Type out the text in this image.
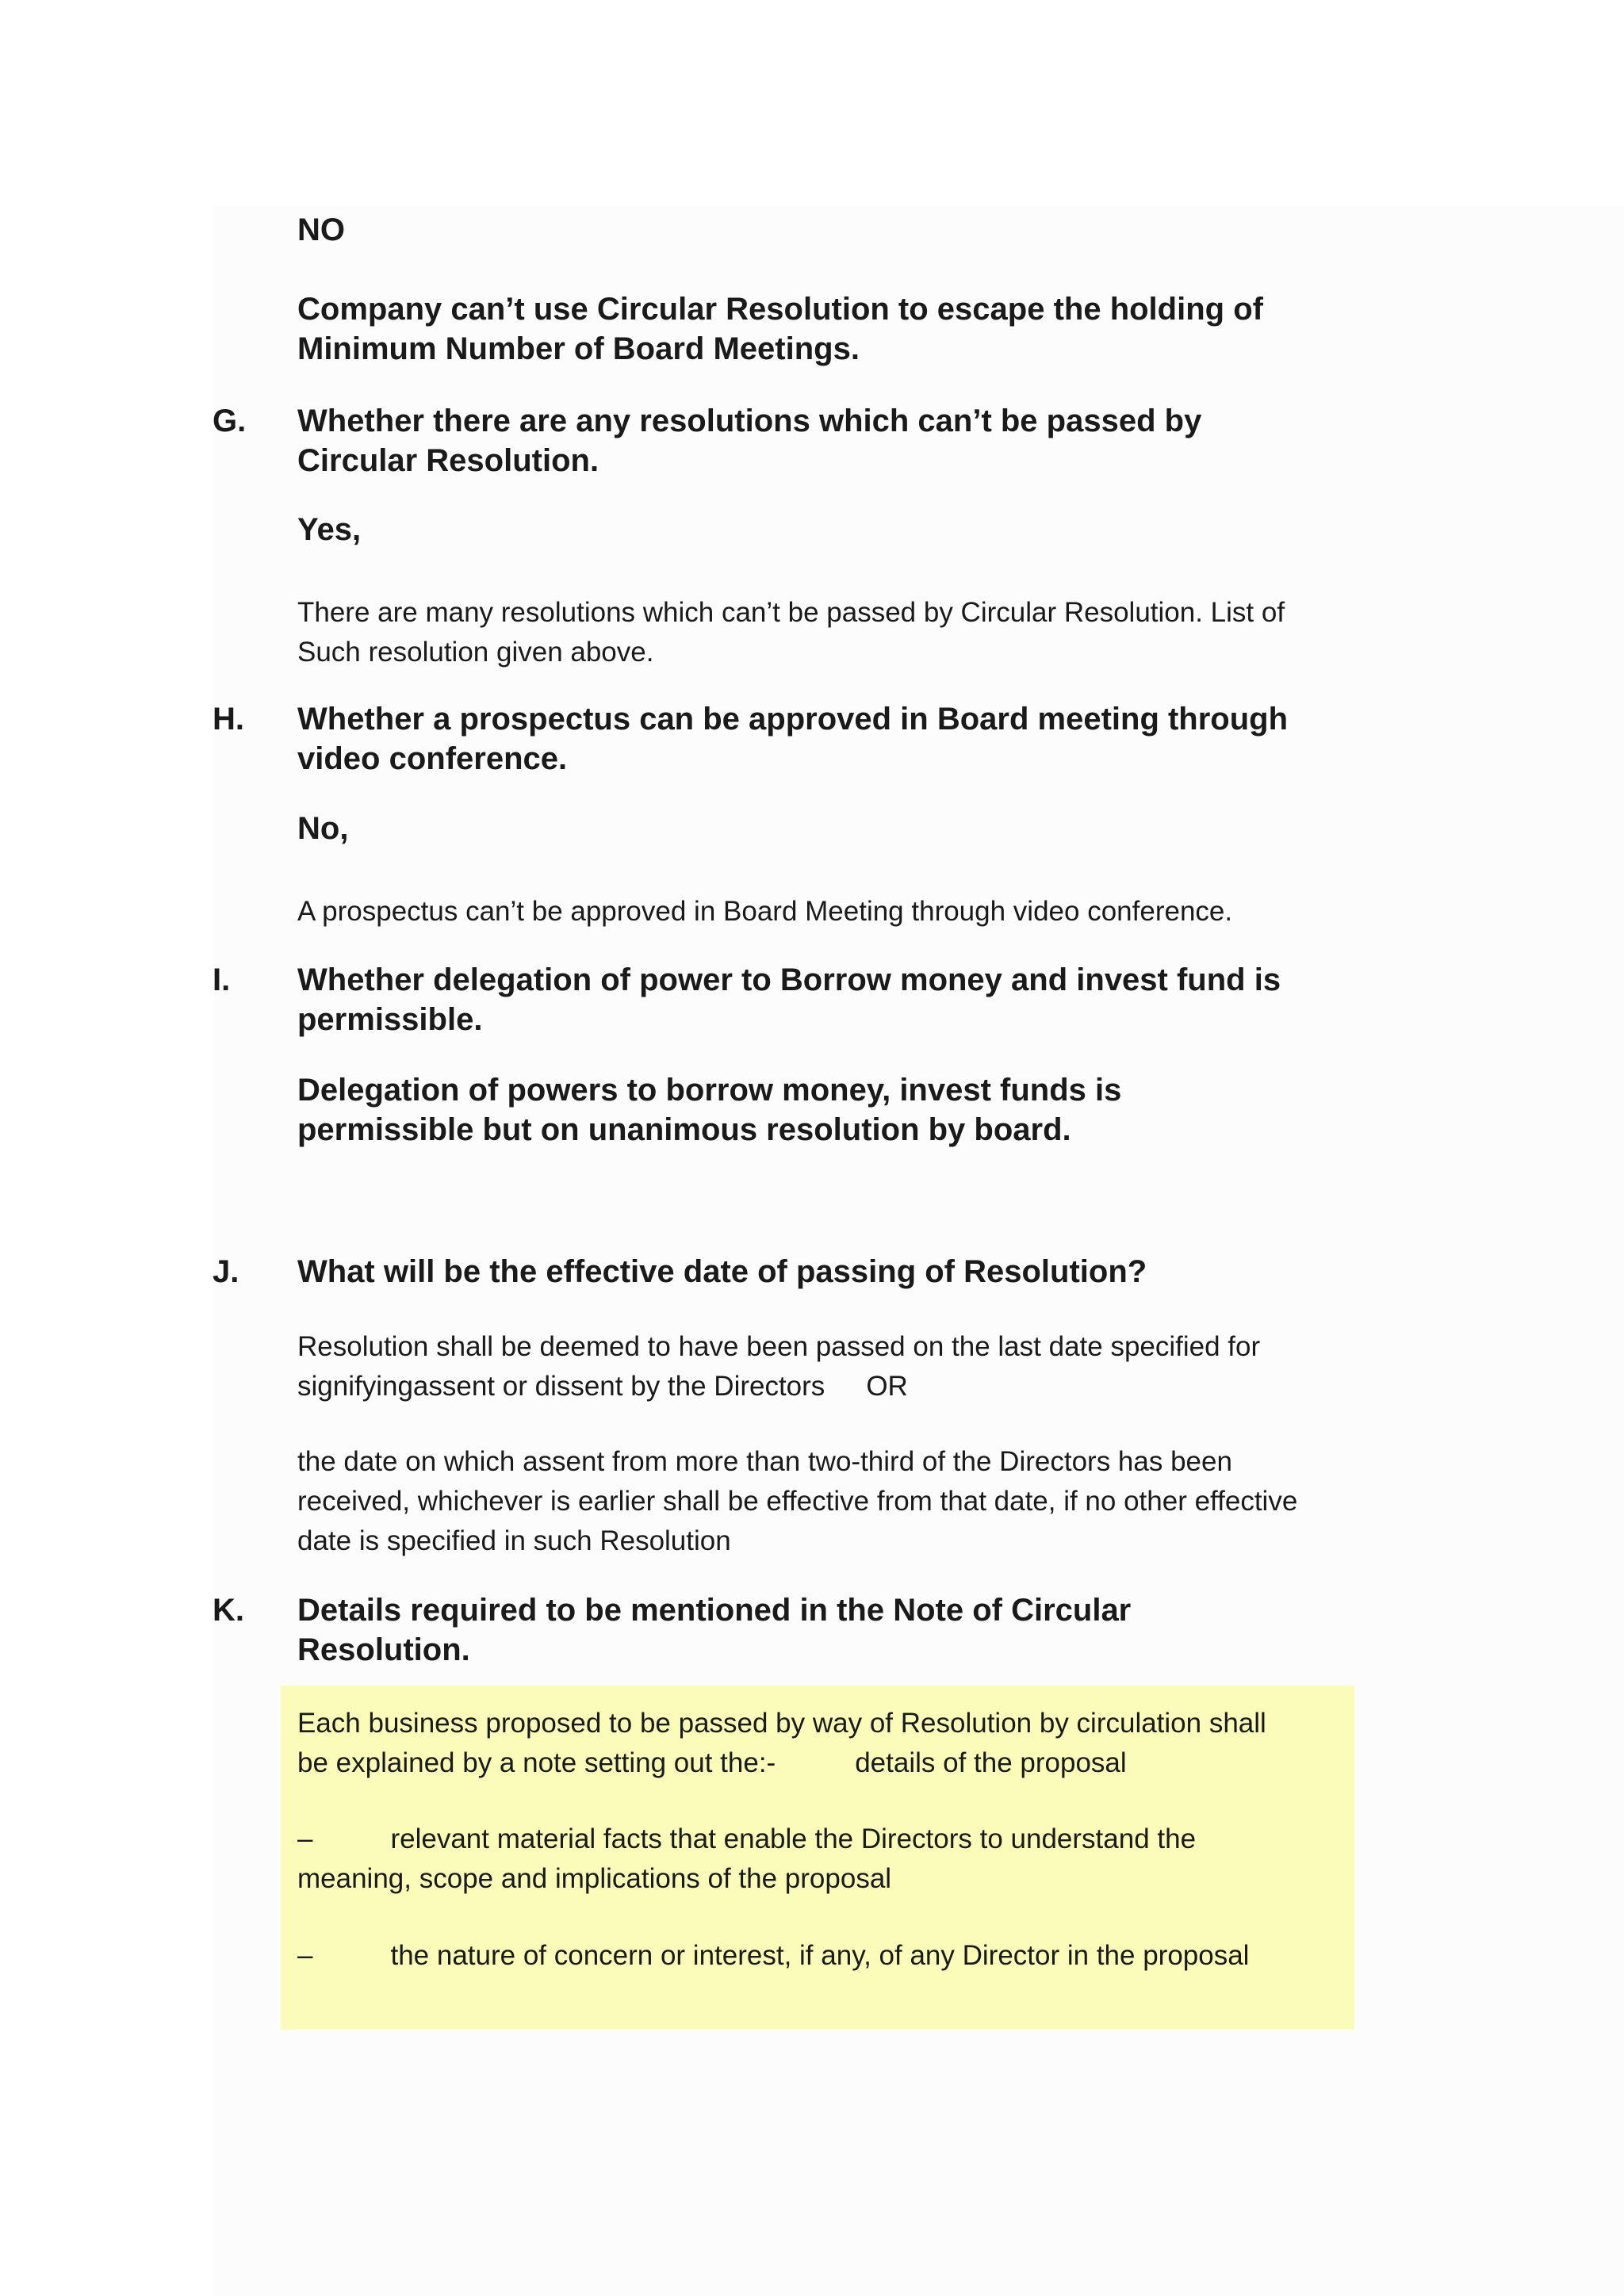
NO

Company can’t use Circular Resolution to escape the holding of
Minimum Number of Board Meetings.
G. Whether there are any resolutions which can’t be passed by
Circular Resolution.

Yes,

There are many resolutions which can’t be passed by Circular Resolution. List of
Such resolution given above.
H. Whether a prospectus can be approved in Board meeting through
video conference.

No,

A prospectus can’t be approved in Board Meeting through video conference.
I. Whether delegation of power to Borrow money and invest fund is
permissible.
Delegation of powers to borrow money, invest funds is
permissible but on unanimous resolution by board.
J. What will be the effective date of passing of Resolution?

Resolution shall be deemed to have been passed on the last date specified for
signifyingassent or dissent by the Directors OR
the date on which assent from more than two-third of the Directors has been
received, whichever is earlier shall be effective from that date, if no other effective
date is specified in such Resolution
K. Details required to be mentioned in the Note of Circular
Resolution.
Each business proposed to be passed by way of Resolution by circulation shall
be explained by a note setting out the:-	details of the proposal
–	relevant material facts that enable the Directors to understand the
meaning, scope and implications of the proposal
–	the nature of concern or interest, if any, of any Director in the proposal
